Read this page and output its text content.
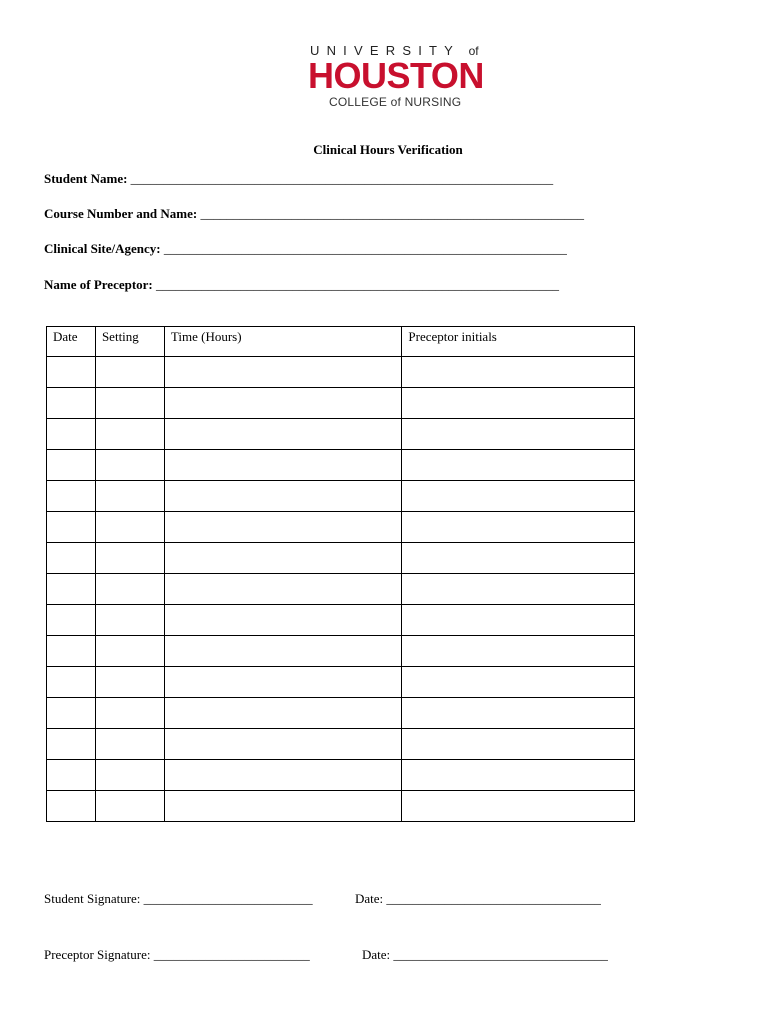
UNIVERSITY of
HOUSTON
COLLEGE of NURSING
Clinical Hours Verification
Student Name: _________________________________________________________________
Course Number and Name: ___________________________________________________________
Clinical Site/Agency: ______________________________________________________________
Name of Preceptor: ______________________________________________________________
Date	Setting	Time (Hours)	Preceptor initials

Student Signature: __________________________	Date: _________________________________
Preceptor Signature: ________________________	Date: _________________________________
